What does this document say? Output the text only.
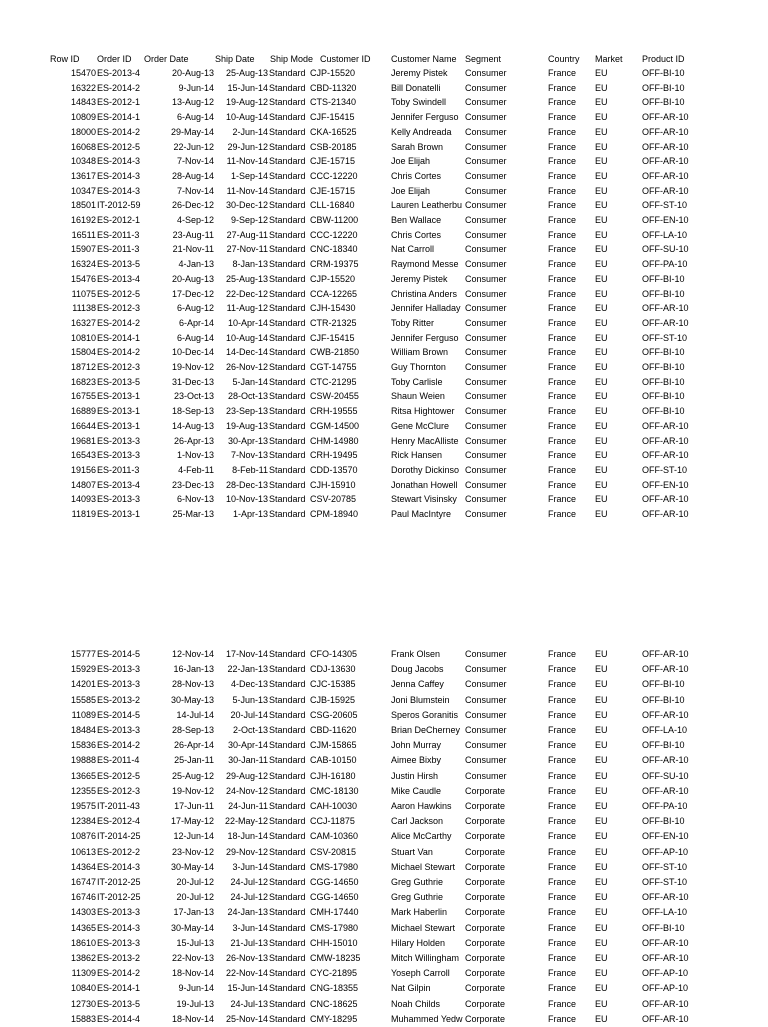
Row ID	Order ID	Order Date	Ship Date	Ship Mode Customer ID	Customer Name Segment	Country	Market	Product ID
15470 ES-2013-4	20-Aug-13	25-Aug-13 Standard CJP-15520	Jeremy Pistek	Consumer	France	EU	OFF-BI-10
16322 ES-2014-2	9-Jun-14	15-Jun-14 Standard CBD-11320	Bill Donatelli	Consumer	France	EU	OFF-BI-10
14843 ES-2012-1	13-Aug-12	19-Aug-12 Standard CTS-21340	Toby Swindell	Consumer	France	EU	OFF-BI-10
10809 ES-2014-1	6-Aug-14	10-Aug-14 Standard CJF-15415	Jennifer Ferguso Consumer	France	EU	OFF-AR-10
18000 ES-2014-2	29-May-14	2-Jun-14 Standard CKA-16525	Kelly Andreada	Consumer	France	EU	OFF-AR-10
16068 ES-2012-5	22-Jun-12	29-Jun-12 Standard CSB-20185	Sarah Brown	Consumer	France	EU	OFF-AR-10
10348 ES-2014-3	7-Nov-14	11-Nov-14 Standard CJE-15715	Joe Elijah	Consumer	France	EU	OFF-AR-10
13617 ES-2014-3	28-Aug-14	1-Sep-14 Standard CCC-12220	Chris Cortes	Consumer	France	EU	OFF-AR-10
10347 ES-2014-3	7-Nov-14	11-Nov-14 Standard CJE-15715	Joe Elijah	Consumer	France	EU	OFF-AR-10
18501 IT-2012-59	26-Dec-12	30-Dec-12 Standard CLL-16840	Lauren Leatherbu Consumer	France	EU	OFF-ST-10
16192 ES-2012-1	4-Sep-12	9-Sep-12 Standard CBW-11200	Ben Wallace	Consumer	France	EU	OFF-EN-10
16511 ES-2011-3	23-Aug-11	27-Aug-11 Standard CCC-12220	Chris Cortes	Consumer	France	EU	OFF-LA-10
15907 ES-2011-3	21-Nov-11	27-Nov-11 Standard CNC-18340	Nat Carroll	Consumer	France	EU	OFF-SU-10
16324 ES-2013-5	4-Jan-13	8-Jan-13 Standard CRM-19375	Raymond Messe Consumer	France	EU	OFF-PA-10
15476 ES-2013-4	20-Aug-13	25-Aug-13 Standard CJP-15520	Jeremy Pistek	Consumer	France	EU	OFF-BI-10
11075 ES-2012-5	17-Dec-12	22-Dec-12 Standard CCA-12265	Christina Anders Consumer	France	EU	OFF-BI-10
11138 ES-2012-3	6-Aug-12	11-Aug-12 Standard CJH-15430	Jennifer Halladay Consumer	France	EU	OFF-AR-10
16327 ES-2014-2	6-Apr-14	10-Apr-14 Standard CTR-21325	Toby Ritter	Consumer	France	EU	OFF-AR-10
10810 ES-2014-1	6-Aug-14	10-Aug-14 Standard CJF-15415	Jennifer Ferguso Consumer	France	EU	OFF-ST-10
15804 ES-2014-2	10-Dec-14	14-Dec-14 Standard CWB-21850	William Brown	Consumer	France	EU	OFF-BI-10
18712 ES-2012-3	19-Nov-12	26-Nov-12 Standard CGT-14755	Guy Thornton	Consumer	France	EU	OFF-BI-10
16823 ES-2013-5	31-Dec-13	5-Jan-14 Standard CTC-21295	Toby Carlisle	Consumer	France	EU	OFF-BI-10
16755 ES-2013-1	23-Oct-13	28-Oct-13 Standard CSW-20455	Shaun Weien	Consumer	France	EU	OFF-BI-10
16889 ES-2013-1	18-Sep-13	23-Sep-13 Standard CRH-19555	Ritsa Hightower	Consumer	France	EU	OFF-BI-10
16644 ES-2013-1	14-Aug-13	19-Aug-13 Standard CGM-14500	Gene McClure	Consumer	France	EU	OFF-AR-10
19681 ES-2013-3	26-Apr-13	30-Apr-13 Standard CHM-14980	Henry MacAlliste Consumer	France	EU	OFF-AR-10
16543 ES-2013-3	1-Nov-13	7-Nov-13 Standard CRH-19495	Rick Hansen	Consumer	France	EU	OFF-AR-10
19156 ES-2011-3	4-Feb-11	8-Feb-11 Standard CDD-13570	Dorothy Dickinso Consumer	France	EU	OFF-ST-10
14807 ES-2013-4	23-Dec-13	28-Dec-13 Standard CJH-15910	Jonathan Howell Consumer	France	EU	OFF-EN-10
14093 ES-2013-3	6-Nov-13	10-Nov-13 Standard CSV-20785	Stewart Visinsky Consumer	France	EU	OFF-AR-10
11819 ES-2013-1	25-Mar-13	1-Apr-13 Standard CPM-18940	Paul MacIntyre	Consumer	France	EU	OFF-AR-10
15777 ES-2014-5	12-Nov-14	17-Nov-14 Standard CFO-14305	Frank Olsen	Consumer	France	EU	OFF-AR-10
15929 ES-2013-3	16-Jan-13	22-Jan-13 Standard CDJ-13630	Doug Jacobs	Consumer	France	EU	OFF-AR-10
14201 ES-2013-3	28-Nov-13	4-Dec-13 Standard CJC-15385	Jenna Caffey	Consumer	France	EU	OFF-BI-10
15585 ES-2013-2	30-May-13	5-Jun-13 Standard CJB-15925	Joni Blumstein	Consumer	France	EU	OFF-BI-10
11089 ES-2014-5	14-Jul-14	20-Jul-14 Standard CSG-20605	Speros Goranitis Consumer	France	EU	OFF-AR-10
18484 ES-2013-3	28-Sep-13	2-Oct-13 Standard CBD-11620	Brian DeCherney Consumer	France	EU	OFF-LA-10
15836 ES-2014-2	26-Apr-14	30-Apr-14 Standard CJM-15865	John Murray	Consumer	France	EU	OFF-BI-10
19888 ES-2011-4	25-Jan-11	30-Jan-11 Standard CAB-10150	Aimee Bixby	Consumer	France	EU	OFF-AR-10
13665 ES-2012-5	25-Aug-12	29-Aug-12 Standard CJH-16180	Justin Hirsh	Consumer	France	EU	OFF-SU-10
12355 ES-2012-3	19-Nov-12	24-Nov-12 Standard CMC-18130	Mike Caudle	Corporate	France	EU	OFF-AR-10
19575 IT-2011-43	17-Jun-11	24-Jun-11 Standard CAH-10030	Aaron Hawkins	Corporate	France	EU	OFF-PA-10
12384 ES-2012-4	17-May-12	22-May-12 Standard CCJ-11875	Carl Jackson	Corporate	France	EU	OFF-BI-10
10876 IT-2014-25	12-Jun-14	18-Jun-14 Standard CAM-10360	Alice McCarthy	Corporate	France	EU	OFF-EN-10
10613 ES-2012-2	23-Nov-12	29-Nov-12 Standard CSV-20815	Stuart Van	Corporate	France	EU	OFF-AP-10
14364 ES-2014-3	30-May-14	3-Jun-14 Standard CMS-17980	Michael Stewart	Corporate	France	EU	OFF-ST-10
16747 IT-2012-25	20-Jul-12	24-Jul-12 Standard CGG-14650	Greg Guthrie	Corporate	France	EU	OFF-ST-10
16746 IT-2012-25	20-Jul-12	24-Jul-12 Standard CGG-14650	Greg Guthrie	Corporate	France	EU	OFF-AR-10
14303 ES-2013-3	17-Jan-13	24-Jan-13 Standard CMH-17440	Mark Haberlin	Corporate	France	EU	OFF-LA-10
14365 ES-2014-3	30-May-14	3-Jun-14 Standard CMS-17980	Michael Stewart	Corporate	France	EU	OFF-BI-10
18610 ES-2013-3	15-Jul-13	21-Jul-13 Standard CHH-15010	Hilary Holden	Corporate	France	EU	OFF-AR-10
13862 ES-2013-2	22-Nov-13	26-Nov-13 Standard CMW-18235	Mitch Willingham Corporate	France	EU	OFF-AR-10
11309 ES-2014-2	18-Nov-14	22-Nov-14 Standard CYC-21895	Yoseph Carroll	Corporate	France	EU	OFF-AP-10
10840 ES-2014-1	9-Jun-14	15-Jun-14 Standard CNG-18355	Nat Gilpin	Corporate	France	EU	OFF-AP-10
12730 ES-2013-5	19-Jul-13	24-Jul-13 Standard CNC-18625	Noah Childs	Corporate	France	EU	OFF-AR-10
15883 ES-2014-4	18-Nov-14	25-Nov-14 Standard CMY-18295	Muhammed Yedw Corporate	France	EU	OFF-AR-10
